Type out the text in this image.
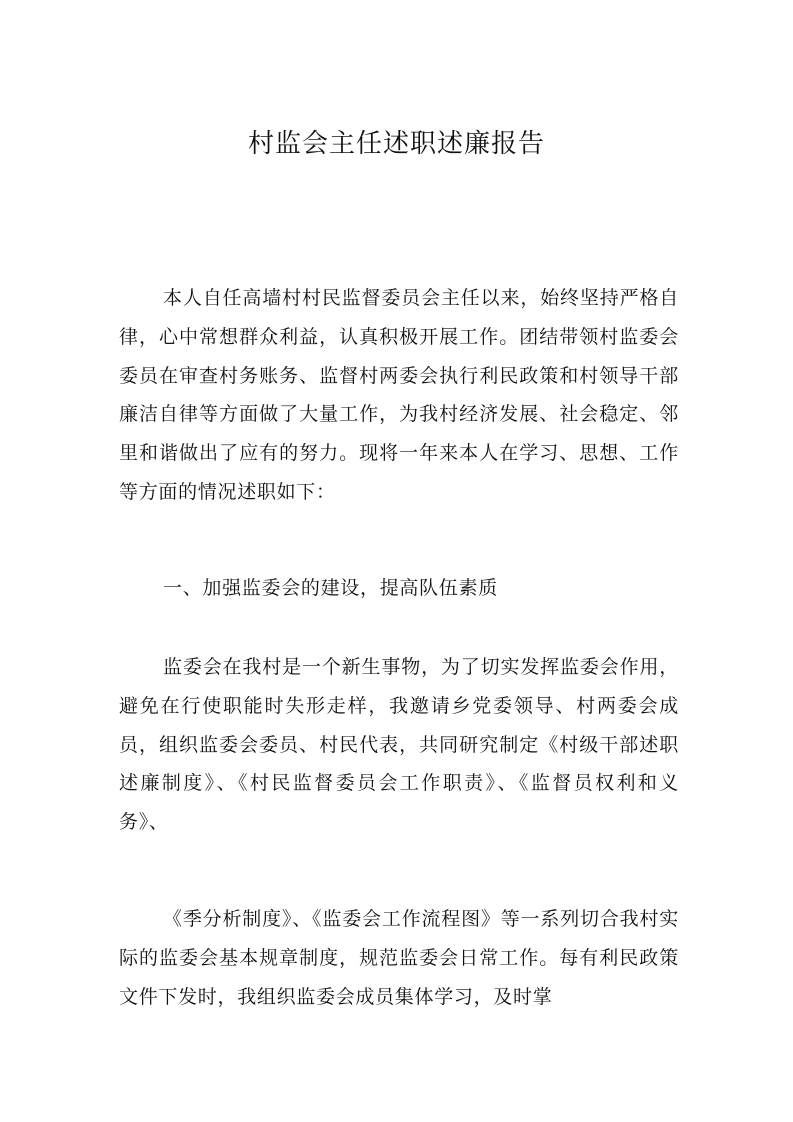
村监会主任述职述廉报告

本人自任高墙村村民监督委员会主任以来，始终坚持严格自律，心中常想群众利益，认真积极开展工作。团结带领村监委会委员在审查村务账务、监督村两委会执行利民政策和村领导干部廉洁自律等方面做了大量工作，为我村经济发展、社会稳定、邻里和谐做出了应有的努力。现将一年来本人在学习、思想、工作等方面的情况述职如下：

一、加强监委会的建设，提高队伍素质

监委会在我村是一个新生事物，为了切实发挥监委会作用，避免在行使职能时失形走样，我邀请乡党委领导、村两委会成员，组织监委会委员、村民代表，共同研究制定《村级干部述职述廉制度》、《村民监督委员会工作职责》、《监督员权利和义务》、

《季分析制度》、《监委会工作流程图》等一系列切合我村实际的监委会基本规章制度，规范监委会日常工作。每有利民政策文件下发时，我组织监委会成员集体学习，及时掌
